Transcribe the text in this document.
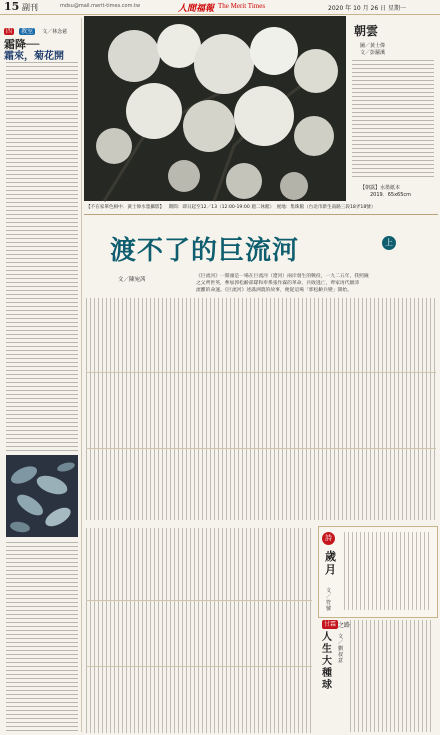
15 副刊	mdsu@mail.merit-times.com.tw	人間福報 The Merit Times	2020 年 10 月 26 日 星期一
四 教室 文／林念慈
霜降──
霜來，菊花開
【不在家單色相中．黃士偉水墨攝影】 期間：即日起至12／13（12:00-19:00 週二休館）　展地：集珠館（台北市新生南路三段18弄18號）
朝雲
圖／黃士偉
文／彭蘿溪
【朝露】水墨紙本
2019．65x65cm
渡不了的巨流河	上
文／陳宛茜
《巨流河》一開頭是一場在巨流河（遼河）兩岸發生的戰役，一九二五年，我照鐘
之父齊世英，參加郭松齡部隊和奉系張作霖的革命，兵敗逃亡，齊家再代顛沛
流離的命運。《巨流河》述滿洲農的故事，便從這場「郭松齡兵變」開始。
詩
歲月
文／符號
甘霖 之路
人生大種球
文／劉叔意
